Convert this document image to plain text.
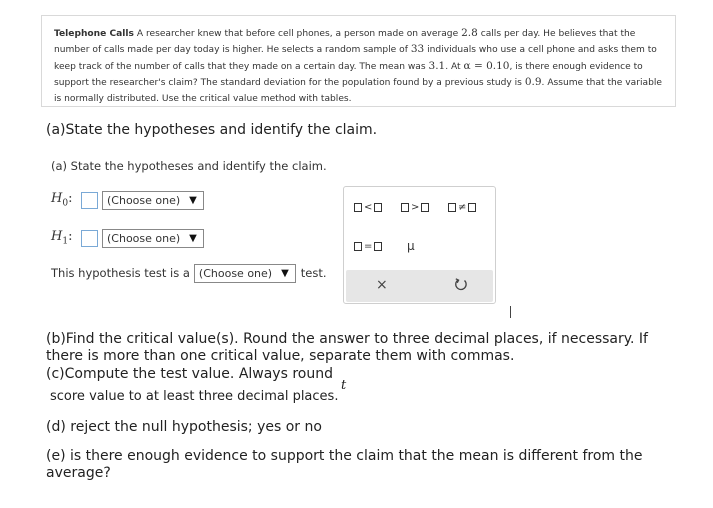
Telephone Calls A researcher knew that before cell phones, a person made on average 2.8 calls per day. He believes that the number of calls made per day today is higher. He selects a random sample of 33 individuals who use a cell phone and asks them to keep track of the number of calls that they made on a certain day. The mean was 3.1. At α = 0.10, is there enough evidence to support the researcher's claim? The standard deviation for the population found by a previous study is 0.9. Assume that the variable is normally distributed. Use the critical value method with tables.

(a)State the hypotheses and identify the claim.

(a) State the hypotheses and identify the claim.
$H_0$:	(Choose one) ▼
$H_1$:	(Choose one) ▼
This hypothesis test is a (Choose one) ▼ test.
<	>	≠
=	μ
×

(b)Find the critical value(s). Round the answer to three decimal places, if necessary. If there is more than one critical value, separate them with commas.

(c)Compute the test value. Always round

t
score value to at least three decimal places.
(d) reject the null hypothesis; yes or no

(e) is there enough evidence to support the claim that the mean is different from the average?
